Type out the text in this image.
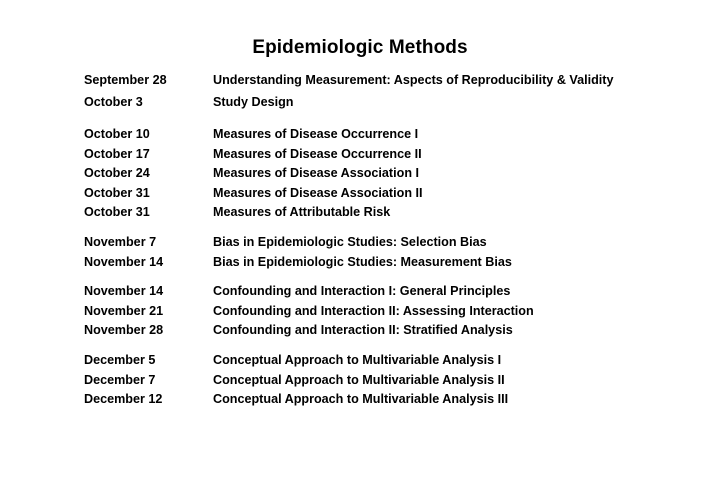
Epidemiologic Methods
September 28	Understanding Measurement: Aspects of Reproducibility & Validity
October 3	Study Design
October 10	Measures of Disease Occurrence I
October 17	Measures of Disease Occurrence II
October 24	Measures of Disease Association I
October 31	Measures of Disease Association II
October 31	Measures of Attributable Risk
November 7	Bias in Epidemiologic Studies: Selection Bias
November 14	Bias in Epidemiologic Studies: Measurement Bias
November 14	Confounding and Interaction I: General Principles
November 21	Confounding and Interaction II: Assessing Interaction
November 28	Confounding and Interaction II: Stratified Analysis
December 5	Conceptual Approach to Multivariable Analysis I
December 7	Conceptual Approach to Multivariable Analysis II
December 12	Conceptual Approach to Multivariable Analysis III
